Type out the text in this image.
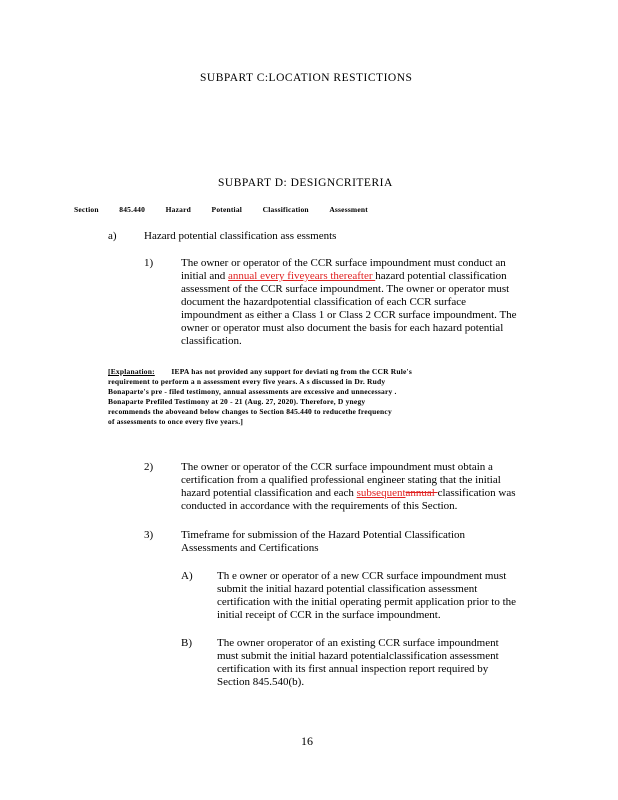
SUBPART C:LOCATION RESTICTIONS
SUBPART D: DESIGNCRITERIA
Section	845.440	Hazard	Potential	Classification	Assessment
a) Hazard potential classification ass essments
1)	The owner or operator of the CCR surface impoundment must conduct an
initial and annual every fiveyears thereafter hazard potential classification
assessment of the CCR surface impoundment. The owner or operator must
document the hazardpotential classification of each CCR surface
impoundment as either a Class 1 or Class 2 CCR surface impoundment. The
owner or operator must also document the basis for each hazard potential
classification.
[Explanation: IEPA has not provided any support for deviati ng from the CCR Rule's
requirement to perform a n assessment every five years. A s discussed in Dr. Rudy
Bonaparte's pre - filed testimony, annual assessments are excessive and unnecessary .
Bonaparte Prefiled Testimony at 20 - 21 (Aug. 27, 2020). Therefore, D ynegy
recommends the aboveand below changes to Section 845.440 to reducethe frequency
of assessments to once every five years.]
2)	The owner or operator of the CCR surface impoundment must obtain a
certification from a qualified professional engineer stating that the initial
hazard potential classification and each subsequentannual classification was
conducted in accordance with the requirements of this Section.
3)	Timeframe for submission of the Hazard Potential Classification
Assessments and Certifications
A) Th e owner or operator of a new CCR surface impoundment must
submit the initial hazard potential classification assessment
certification with the initial operating permit application prior to the
initial receipt of CCR in the surface impoundment.
B) The owner oroperator of an existing CCR surface impoundment
must submit the initial hazard potentialclassification assessment
certification with its first annual inspection report required by
Section 845.540(b).
16
